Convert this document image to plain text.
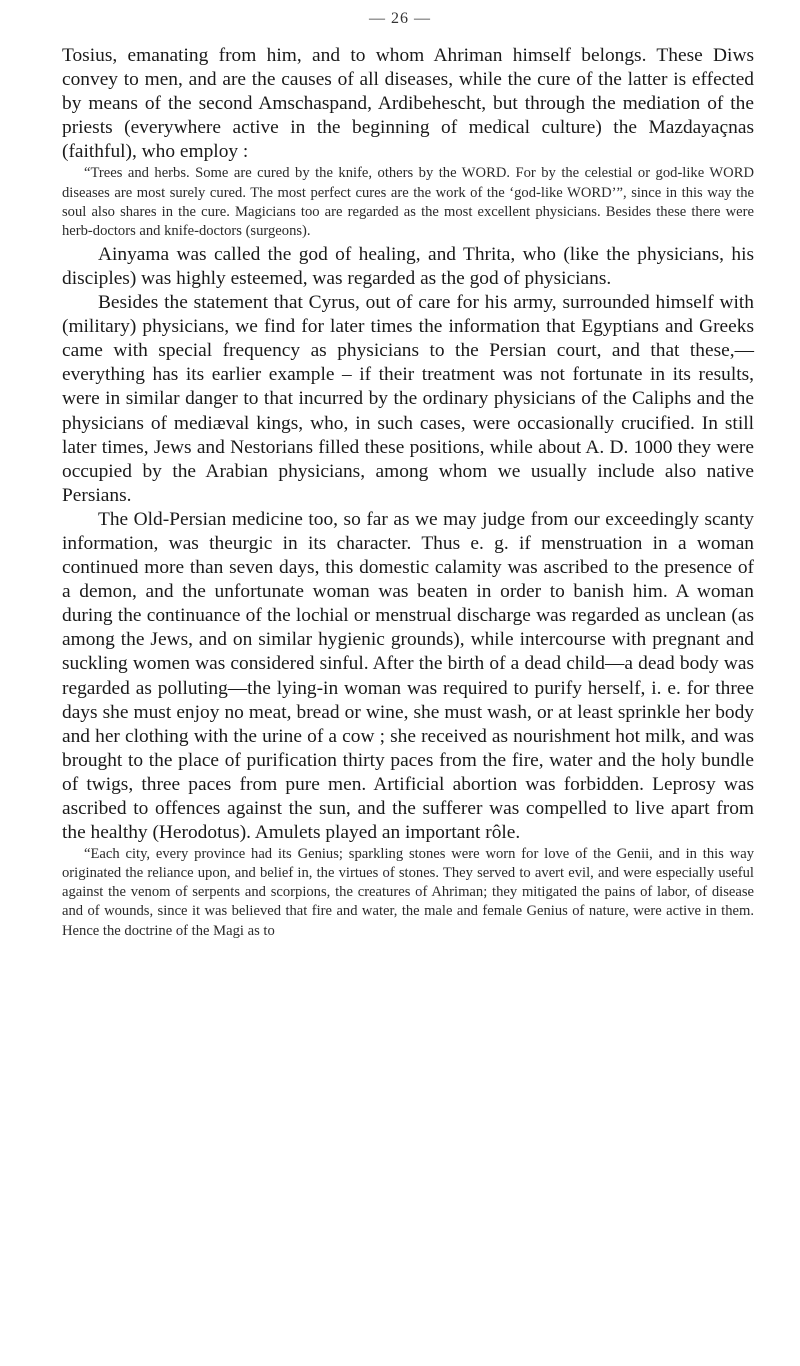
— 26 —

Tosius, emanating from him, and to whom Ahriman himself belongs. These Diws convey to men, and are the causes of all diseases, while the cure of the latter is effected by means of the second Amschaspand, Ardibehescht, but through the mediation of the priests (everywhere active in the beginning of medical culture) the Mazdayaçnas (faithful), who employ :

“Trees and herbs. Some are cured by the knife, others by the WORD. For by the celestial or god-like WORD diseases are most surely cured. The most perfect cures are the work of the ‘god-like WORD’”, since in this way the soul also shares in the cure. Magicians too are regarded as the most excellent physicians. Besides these there were herb-doctors and knife-doctors (surgeons).

Ainyama was called the god of healing, and Thrita, who (like the physicians, his disciples) was highly esteemed, was regarded as the god of physicians.

Besides the statement that Cyrus, out of care for his army, surrounded himself with (military) physicians, we find for later times the information that Egyptians and Greeks came with special frequency as physicians to the Persian court, and that these,—everything has its earlier example – if their treatment was not fortunate in its results, were in similar danger to that incurred by the ordinary physicians of the Caliphs and the physicians of mediæval kings, who, in such cases, were occasionally crucified. In still later times, Jews and Nestorians filled these positions, while about A. D. 1000 they were occupied by the Arabian physicians, among whom we usually include also native Persians.

The Old-Persian medicine too, so far as we may judge from our exceedingly scanty information, was theurgic in its character. Thus e. g. if menstruation in a woman continued more than seven days, this domestic calamity was ascribed to the presence of a demon, and the unfortunate woman was beaten in order to banish him. A woman during the continuance of the lochial or menstrual discharge was regarded as unclean (as among the Jews, and on similar hygienic grounds), while intercourse with pregnant and suckling women was considered sinful. After the birth of a dead child—a dead body was regarded as polluting—the lying-in woman was required to purify herself, i. e. for three days she must enjoy no meat, bread or wine, she must wash, or at least sprinkle her body and her clothing with the urine of a cow ; she received as nourishment hot milk, and was brought to the place of purification thirty paces from the fire, water and the holy bundle of twigs, three paces from pure men. Artificial abortion was forbidden. Leprosy was ascribed to offences against the sun, and the sufferer was compelled to live apart from the healthy (Herodotus). Amulets played an important rôle.

“Each city, every province had its Genius; sparkling stones were worn for love of the Genii, and in this way originated the reliance upon, and belief in, the virtues of stones. They served to avert evil, and were especially useful against the venom of serpents and scorpions, the creatures of Ahriman; they mitigated the pains of labor, of disease and of wounds, since it was believed that fire and water, the male and female Genius of nature, were active in them. Hence the doctrine of the Magi as to
